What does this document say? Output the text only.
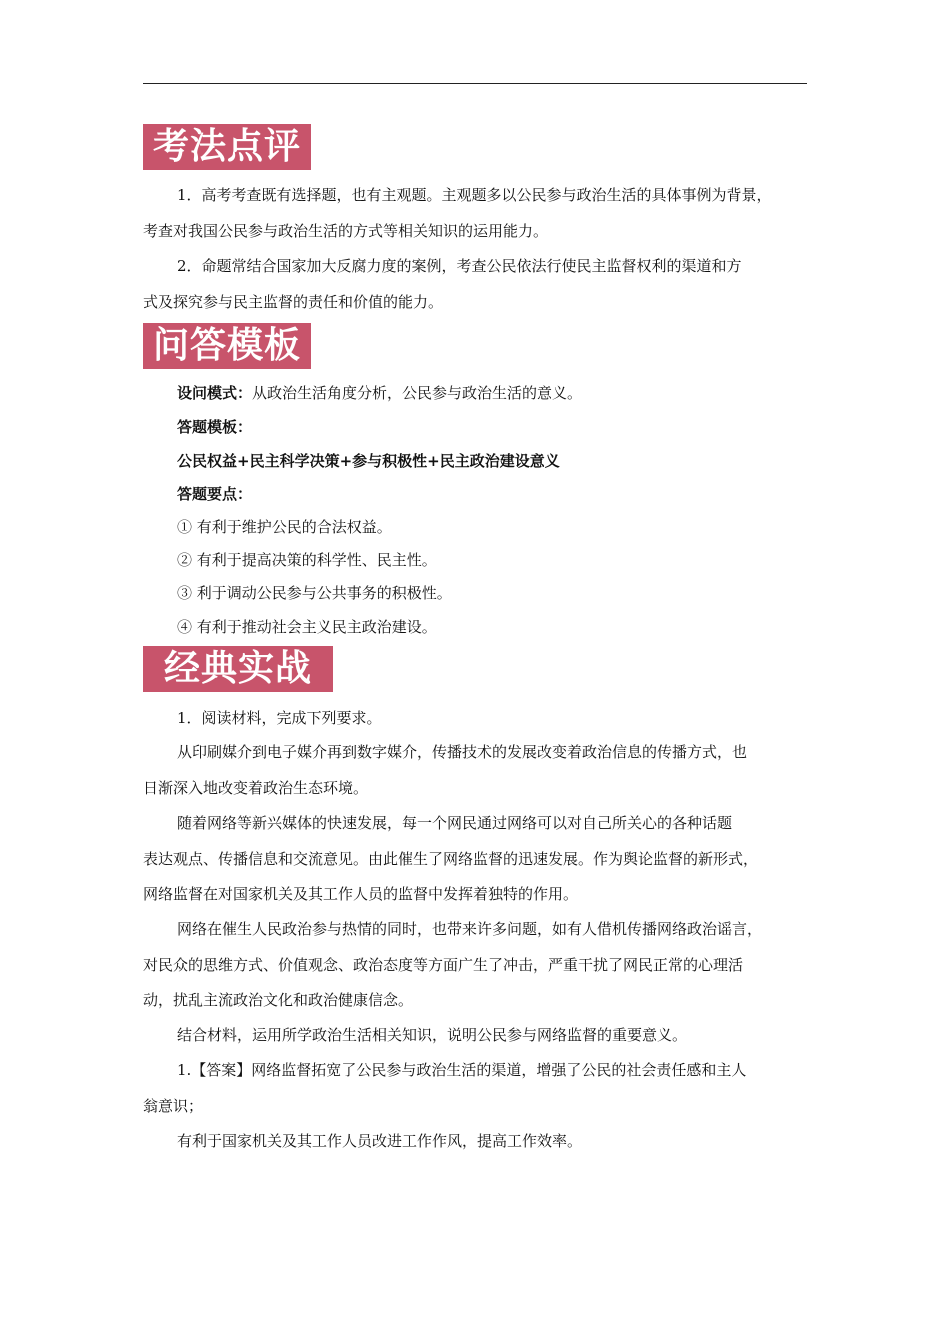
考法点评

1．高考考查既有选择题，也有主观题。主观题多以公民参与政治生活的具体事例为背景，

考查对我国公民参与政治生活的方式等相关知识的运用能力。

2．命题常结合国家加大反腐力度的案例，考查公民依法行使民主监督权利的渠道和方

式及探究参与民主监督的责任和价值的能力。

问答模板

设问模式：从政治生活角度分析，公民参与政治生活的意义。

答题模板：

公民权益+民主科学决策+参与积极性+民主政治建设意义

答题要点：

① 有利于维护公民的合法权益。

② 有利于提高决策的科学性、民主性。

③ 利于调动公民参与公共事务的积极性。

④ 有利于推动社会主义民主政治建设。

经典实战

1．阅读材料，完成下列要求。

从印刷媒介到电子媒介再到数字媒介，传播技术的发展改变着政治信息的传播方式，也

日渐深入地改变着政治生态环境。

随着网络等新兴媒体的快速发展，每一个网民通过网络可以对自己所关心的各种话题

表达观点、传播信息和交流意见。由此催生了网络监督的迅速发展。作为舆论监督的新形式，

网络监督在对国家机关及其工作人员的监督中发挥着独特的作用。

网络在催生人民政治参与热情的同时，也带来许多问题，如有人借机传播网络政治谣言，

对民众的思维方式、价值观念、政治态度等方面广生了冲击，严重干扰了网民正常的心理活

动，扰乱主流政治文化和政治健康信念。

结合材料，运用所学政治生活相关知识，说明公民参与网络监督的重要意义。

1.【答案】网络监督拓宽了公民参与政治生活的渠道，增强了公民的社会责任感和主人

翁意识；

有利于国家机关及其工作人员改进工作作风，提高工作效率。
